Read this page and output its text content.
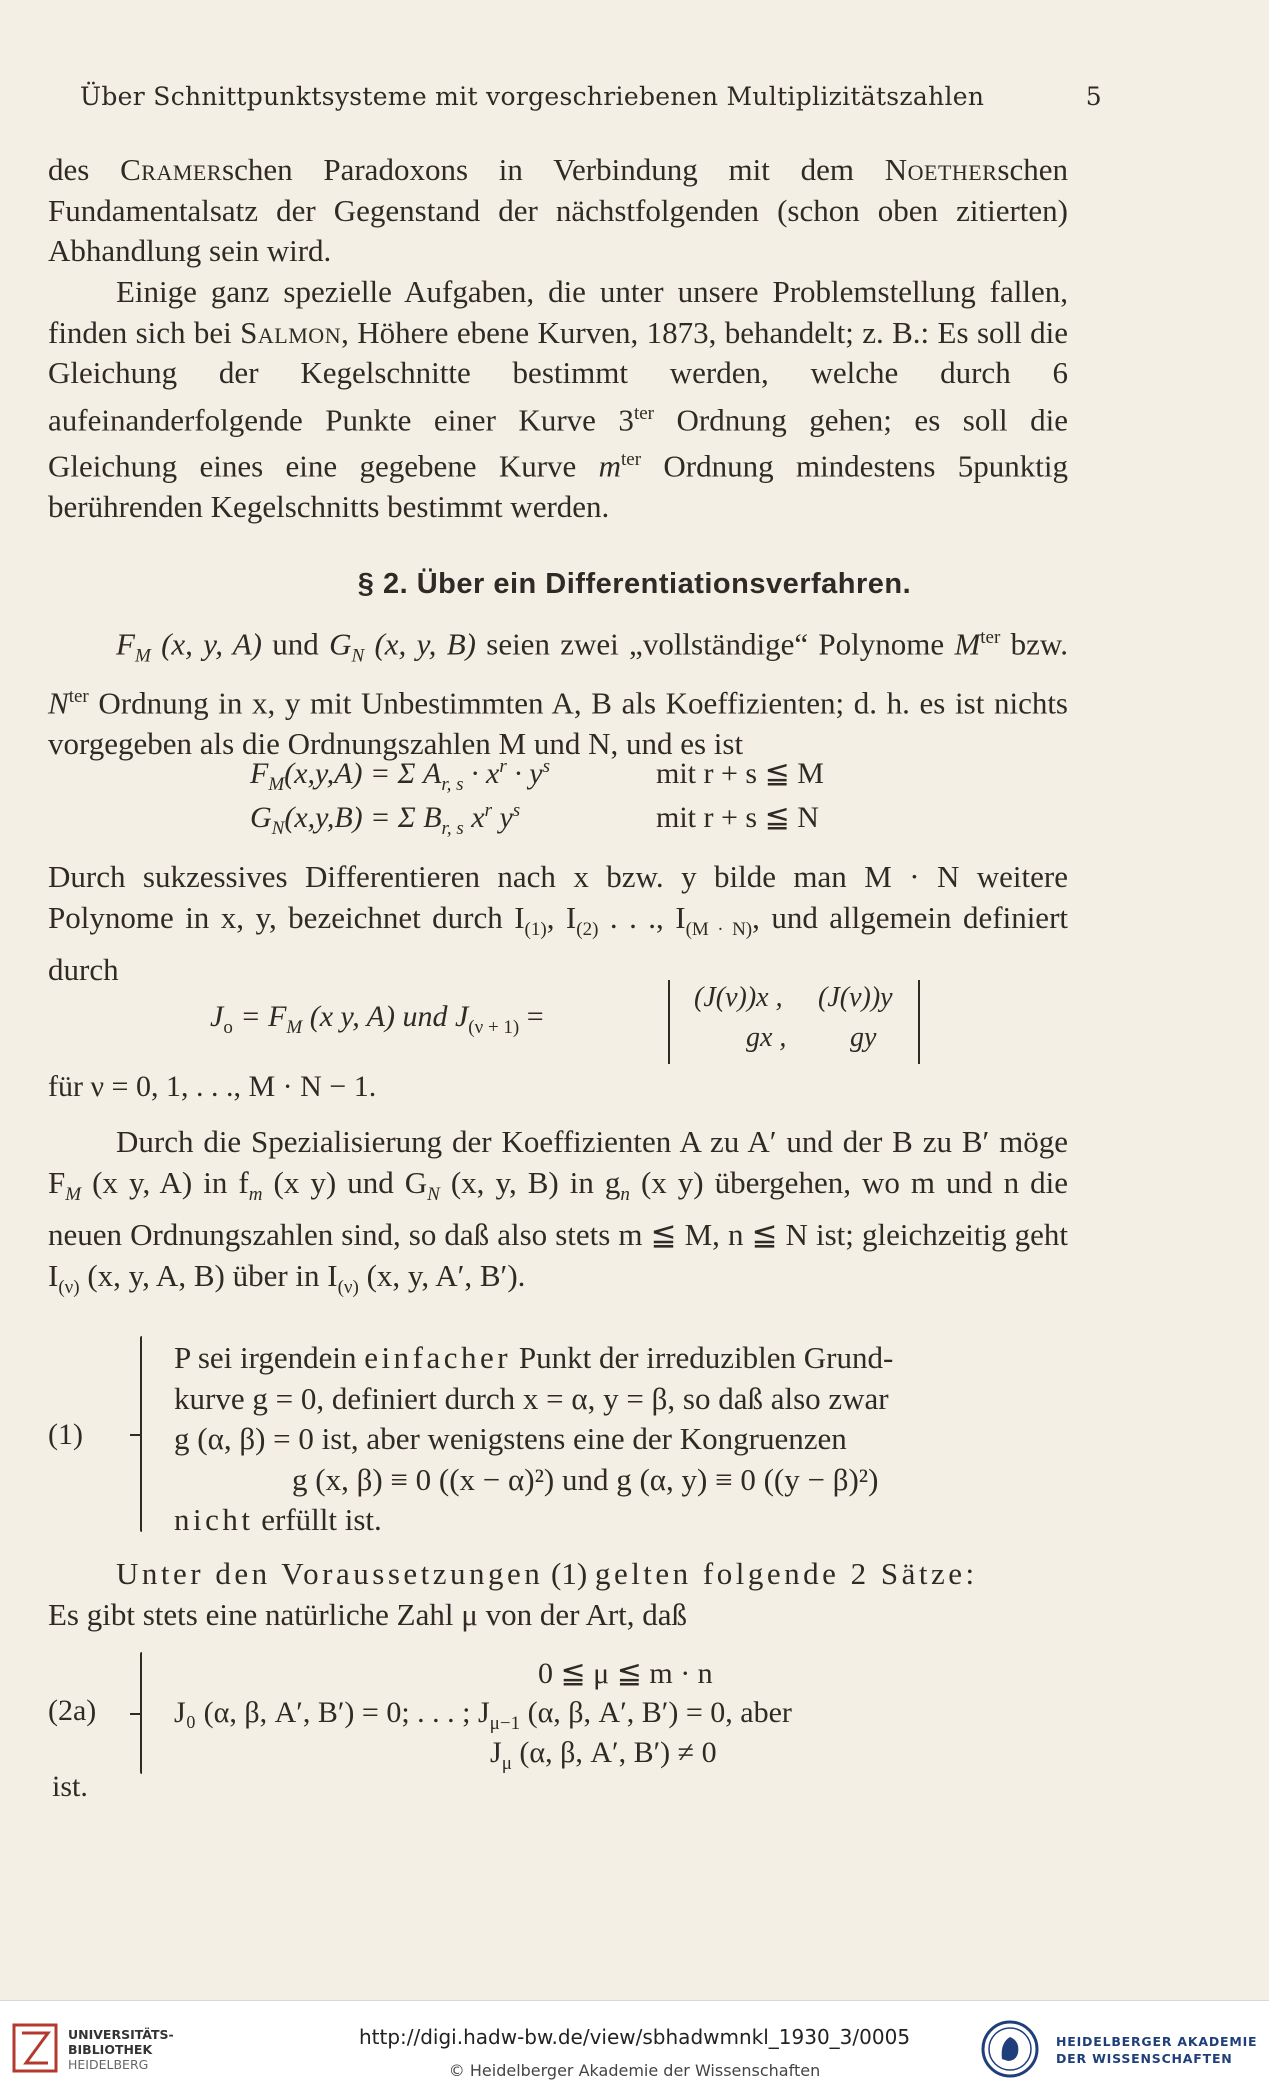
Über Schnittpunktsysteme mit vorgeschriebenen Multiplizitätszahlen	5

des Cramerschen Paradoxons in Verbindung mit dem Noetherschen Fundamentalsatz der Gegenstand der nächstfolgenden (schon oben zitierten) Abhandlung sein wird.

Einige ganz spezielle Aufgaben, die unter unsere Problemstellung fallen, finden sich bei Salmon, Höhere ebene Kurven, 1873, behandelt; z. B.: Es soll die Gleichung der Kegelschnitte bestimmt werden, welche durch 6 aufeinanderfolgende Punkte einer Kurve $3^{ter}$ Ordnung gehen; es soll die Gleichung eines eine gegebene Kurve $m^{ter}$ Ordnung mindestens 5punktig berührenden Kegelschnitts bestimmt werden.

§ 2. Über ein Differentiationsverfahren.

$F_M$ (x, y, A) und $G_N$ (x, y, B) seien zwei „vollständige“ Polynome $M^{ter}$ bzw. $N^{ter}$ Ordnung in x, y mit Unbestimmten A, B als Koeffizienten; d. h. es ist nichts vorgegeben als die Ordnungszahlen M und N, und es ist

$F_M(x,y,A) = \Sigma$ $A_{r, s} \cdot x^r \cdot y^s$	mit r + s ≦ M
$G_N(x,y,B) = \Sigma$ $B_{r, s}$ $x^r$ $y^s$	mit r + s ≦ N

Durch sukzessives Differentieren nach x bzw. y bilde man M · N weitere Polynome in x, y, bezeichnet durch $I_{(1)}$, $I_{(2)}$ . . ., $I_{(M \cdot N)}$, und allgemein definiert durch

$J_o = F_M$ (x y, A) und $J_{(\nu + 1)}$ =
(J(ν))x , (J(ν))y
gx , gy
für ν = 0, 1, . . ., M · N − 1.

Durch die Spezialisierung der Koeffizienten A zu A′ und der B zu B′ möge $F_M$ (x y, A) in $f_m$ (x y) und $G_N$ (x, y, B) in $g_n$ (x y) übergehen, wo m und n die neuen Ordnungszahlen sind, so daß also stets m ≦ M, n ≦ N ist; gleichzeitig geht $I_{(\nu)}$ (x, y, A, B) über in $I_{(\nu)}$ (x, y, A′, B′).

(1)

P sei irgendein einfacher Punkt der irreduziblen Grund-

kurve g = 0, definiert durch x = α, y = β, so daß also zwar

g (α, β) = 0 ist, aber wenigstens eine der Kongruenzen

g (x, β) ≡ 0 ((x − α)²) und g (α, y) ≡ 0 ((y − β)²)

nicht erfüllt ist.

Unter den Voraussetzungen (1) gelten folgende 2 Sätze:

Es gibt stets eine natürliche Zahl μ von der Art, daß

(2a)
0 ≦ μ ≦ m · n
J₀ (α, β, A′, B′) = 0; . . . ; $J_{\mu-1}$ (α, β, A′, B′) = 0, aber
$J_\mu$ (α, β, A′, B′) ≠ 0
ist.
UNIVERSITÄTS-
BIBLIOTHEK
HEIDELBERG
http://digi.hadw-bw.de/view/sbhadwmnkl_1930_3/0005
© Heidelberger Akademie der Wissenschaften
HEIDELBERGER AKADEMIE
DER WISSENSCHAFTEN
